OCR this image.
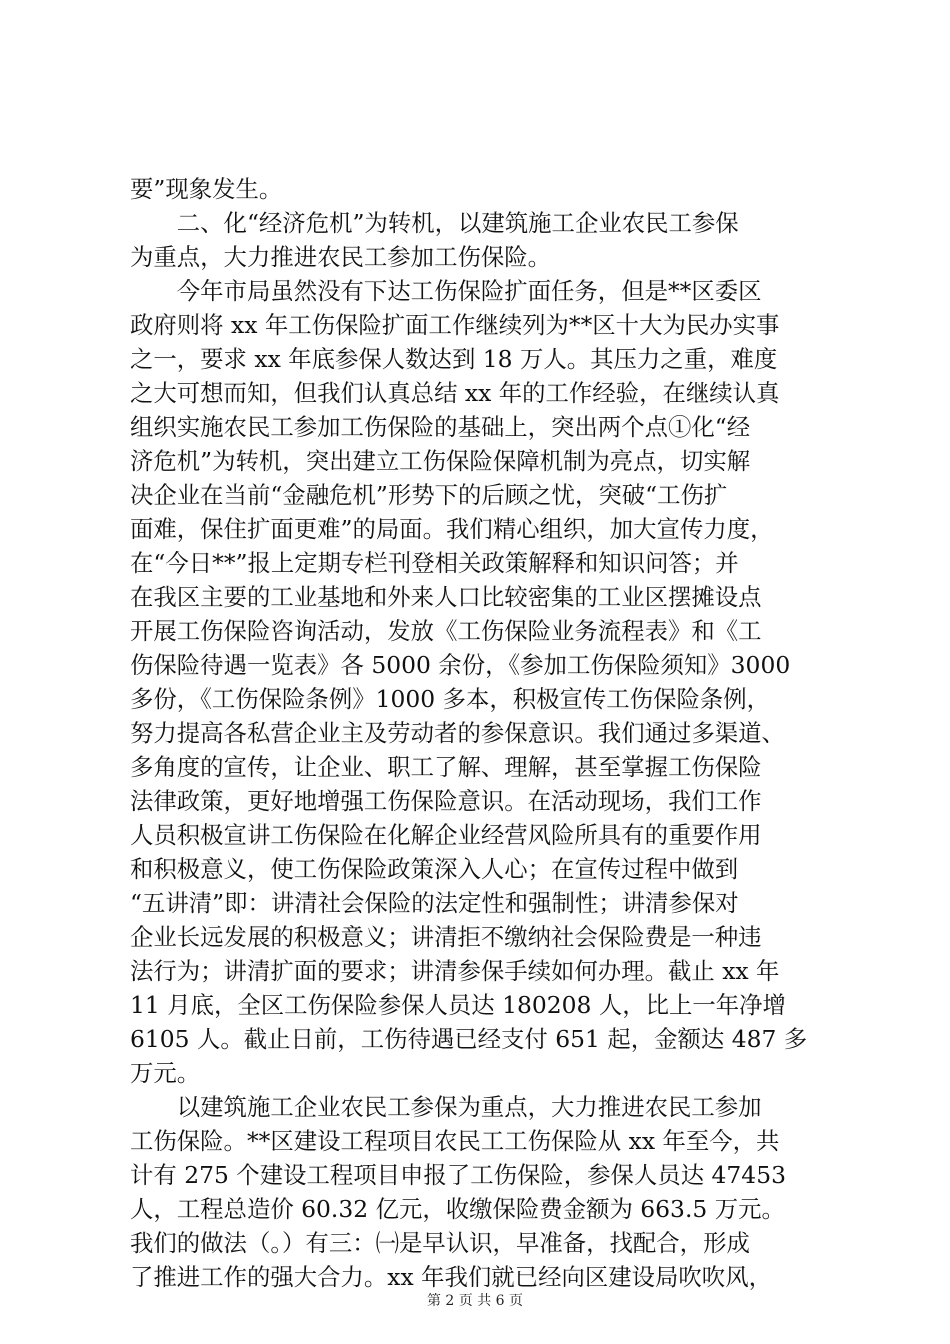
要”现象发生。
　　二、化“经济危机”为转机，以建筑施工企业农民工参保
为重点，大力推进农民工参加工伤保险。
　　今年市局虽然没有下达工伤保险扩面任务，但是**区委区
政府则将 xx 年工伤保险扩面工作继续列为**区十大为民办实事
之一，要求 xx 年底参保人数达到 18 万人。其压力之重，难度
之大可想而知，但我们认真总结 xx 年的工作经验，在继续认真
组织实施农民工参加工伤保险的基础上，突出两个点①化“经
济危机”为转机，突出建立工伤保险保障机制为亮点，切实解
决企业在当前“金融危机”形势下的后顾之忧，突破“工伤扩
面难，保住扩面更难”的局面。我们精心组织，加大宣传力度，
在“今日**”报上定期专栏刊登相关政策解释和知识问答；并
在我区主要的工业基地和外来人口比较密集的工业区摆摊设点
开展工伤保险咨询活动，发放《工伤保险业务流程表》和《工
伤保险待遇一览表》各 5000 余份，《参加工伤保险须知》3000
多份，《工伤保险条例》1000 多本，积极宣传工伤保险条例，
努力提高各私营企业主及劳动者的参保意识。我们通过多渠道、
多角度的宣传，让企业、职工了解、理解，甚至掌握工伤保险
法律政策，更好地增强工伤保险意识。在活动现场，我们工作
人员积极宣讲工伤保险在化解企业经营风险所具有的重要作用
和积极意义，使工伤保险政策深入人心；在宣传过程中做到
“五讲清”即：讲清社会保险的法定性和强制性；讲清参保对
企业长远发展的积极意义；讲清拒不缴纳社会保险费是一种违
法行为；讲清扩面的要求；讲清参保手续如何办理。截止 xx 年
11 月底，全区工伤保险参保人员达 180208 人，比上一年净增
6105 人。截止日前，工伤待遇已经支付 651 起，金额达 487 多
万元。
　　以建筑施工企业农民工参保为重点，大力推进农民工参加
工伤保险。**区建设工程项目农民工工伤保险从 xx 年至今，共
计有 275 个建设工程项目申报了工伤保险，参保人员达 47453
人，工程总造价 60.32 亿元，收缴保险费金额为 663.5 万元。
我们的做法（。）有三：㈠是早认识，早准备，找配合，形成
了推进工作的强大合力。xx 年我们就已经向区建设局吹吹风，
第 2 页 共 6 页
